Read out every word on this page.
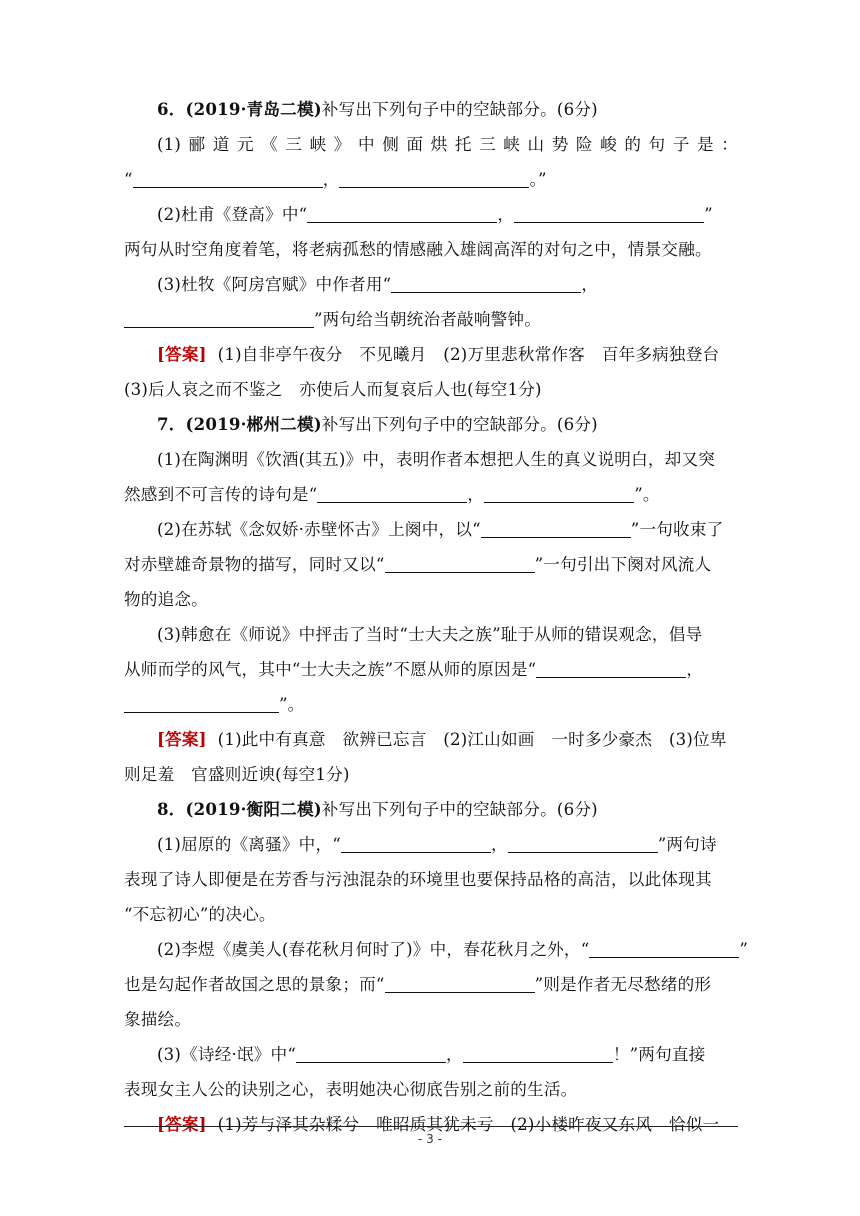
6．(2019·青岛二模)补写出下列句子中的空缺部分。(6分)
(1)郦道元《三峡》中侧面烘托三峡山势险峻的句子是：
“	，	。”
(2)杜甫《登高》中“	，	”
两句从时空角度着笔，将老病孤愁的情感融入雄阔高浑的对句之中，情景交融。
(3)杜牧《阿房宫赋》中作者用“	，
”两句给当朝统治者敲响警钟。
[答案] (1)自非亭午夜分　不见曦月　(2)万里悲秋常作客　百年多病独登台
(3)后人哀之而不鉴之　亦使后人而复哀后人也(每空1分)
7．(2019·郴州二模)补写出下列句子中的空缺部分。(6分)
(1)在陶渊明《饮酒(其五)》中，表明作者本想把人生的真义说明白，却又突
然感到不可言传的诗句是“	，	”。
(2)在苏轼《念奴娇·赤壁怀古》上阕中，以“	”一句收束了
对赤壁雄奇景物的描写，同时又以“	”一句引出下阕对风流人
物的追念。
(3)韩愈在《师说》中抨击了当时“士大夫之族”耻于从师的错误观念，倡导
从师而学的风气，其中“士大夫之族”不愿从师的原因是“	，
”。
[答案] (1)此中有真意　欲辨已忘言　(2)江山如画　一时多少豪杰　(3)位卑
则足羞　官盛则近谀(每空1分)
8．(2019·衡阳二模)补写出下列句子中的空缺部分。(6分)
(1)屈原的《离骚》中，“	，	”两句诗
表现了诗人即便是在芳香与污浊混杂的环境里也要保持品格的高洁，以此体现其
“不忘初心”的决心。
(2)李煜《虞美人(春花秋月何时了)》中，春花秋月之外，“	”
也是勾起作者故国之思的景象；而“	”则是作者无尽愁绪的形
象描绘。
(3)《诗经·氓》中“	，	！”两句直接
表现女主人公的诀别之心，表明她决心彻底告别之前的生活。
[答案] (1)芳与泽其杂糅兮　唯昭质其犹未亏　(2)小楼昨夜又东风　恰似一
- 3 -
